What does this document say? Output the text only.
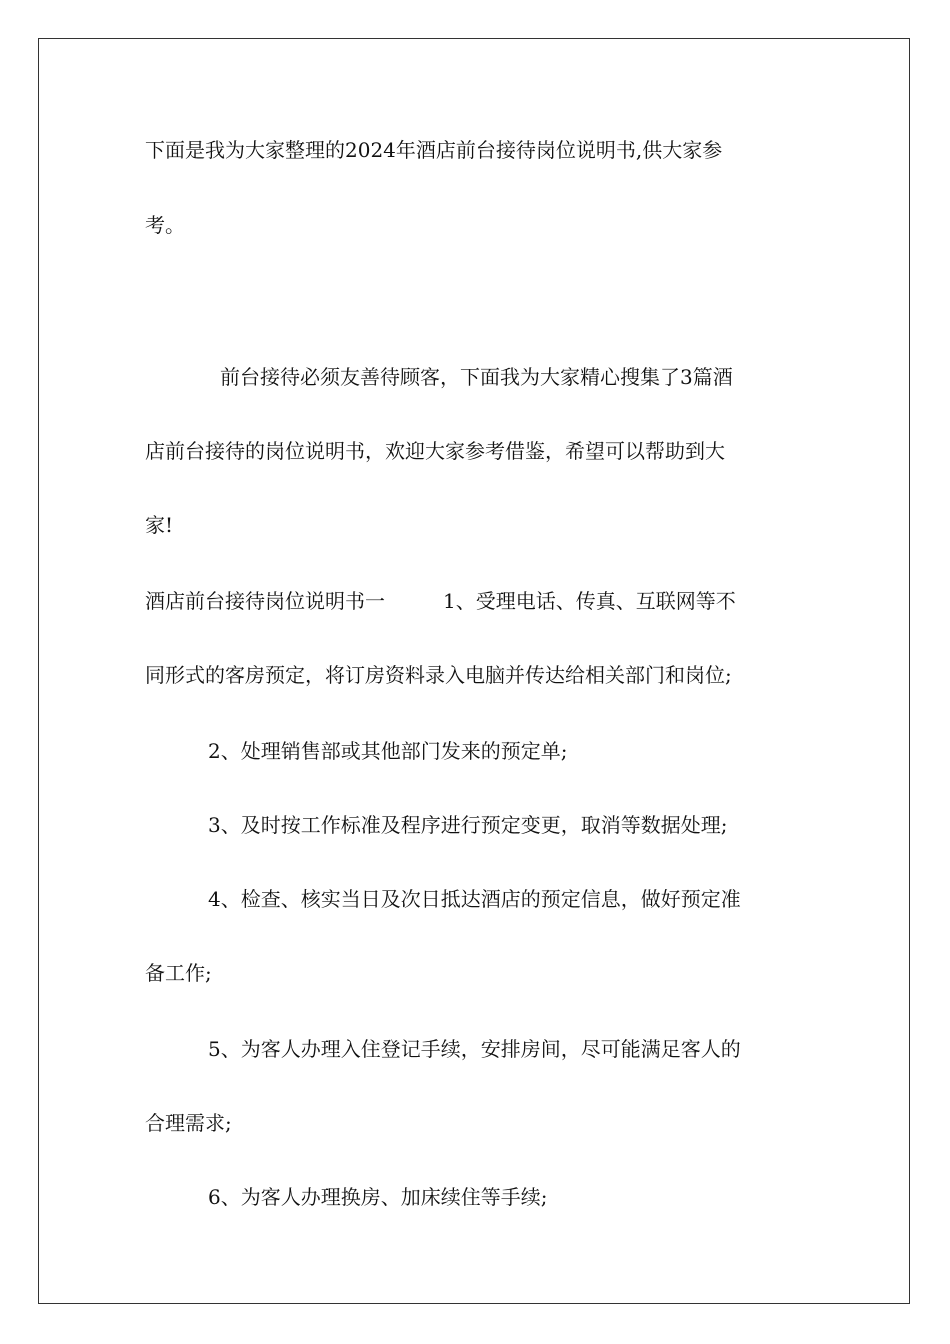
下面是我为大家整理的2024年酒店前台接待岗位说明书,供大家参
考。
前台接待必须友善待顾客，下面我为大家精心搜集了3篇酒
店前台接待的岗位说明书，欢迎大家参考借鉴，希望可以帮助到大
家!
酒店前台接待岗位说明书一	1、受理电话、传真、互联网等不
同形式的客房预定，将订房资料录入电脑并传达给相关部门和岗位;
2、处理销售部或其他部门发来的预定单;
3、及时按工作标准及程序进行预定变更，取消等数据处理;
4、检查、核实当日及次日抵达酒店的预定信息，做好预定准
备工作;
5、为客人办理入住登记手续，安排房间，尽可能满足客人的
合理需求;
6、为客人办理换房、加床续住等手续;
